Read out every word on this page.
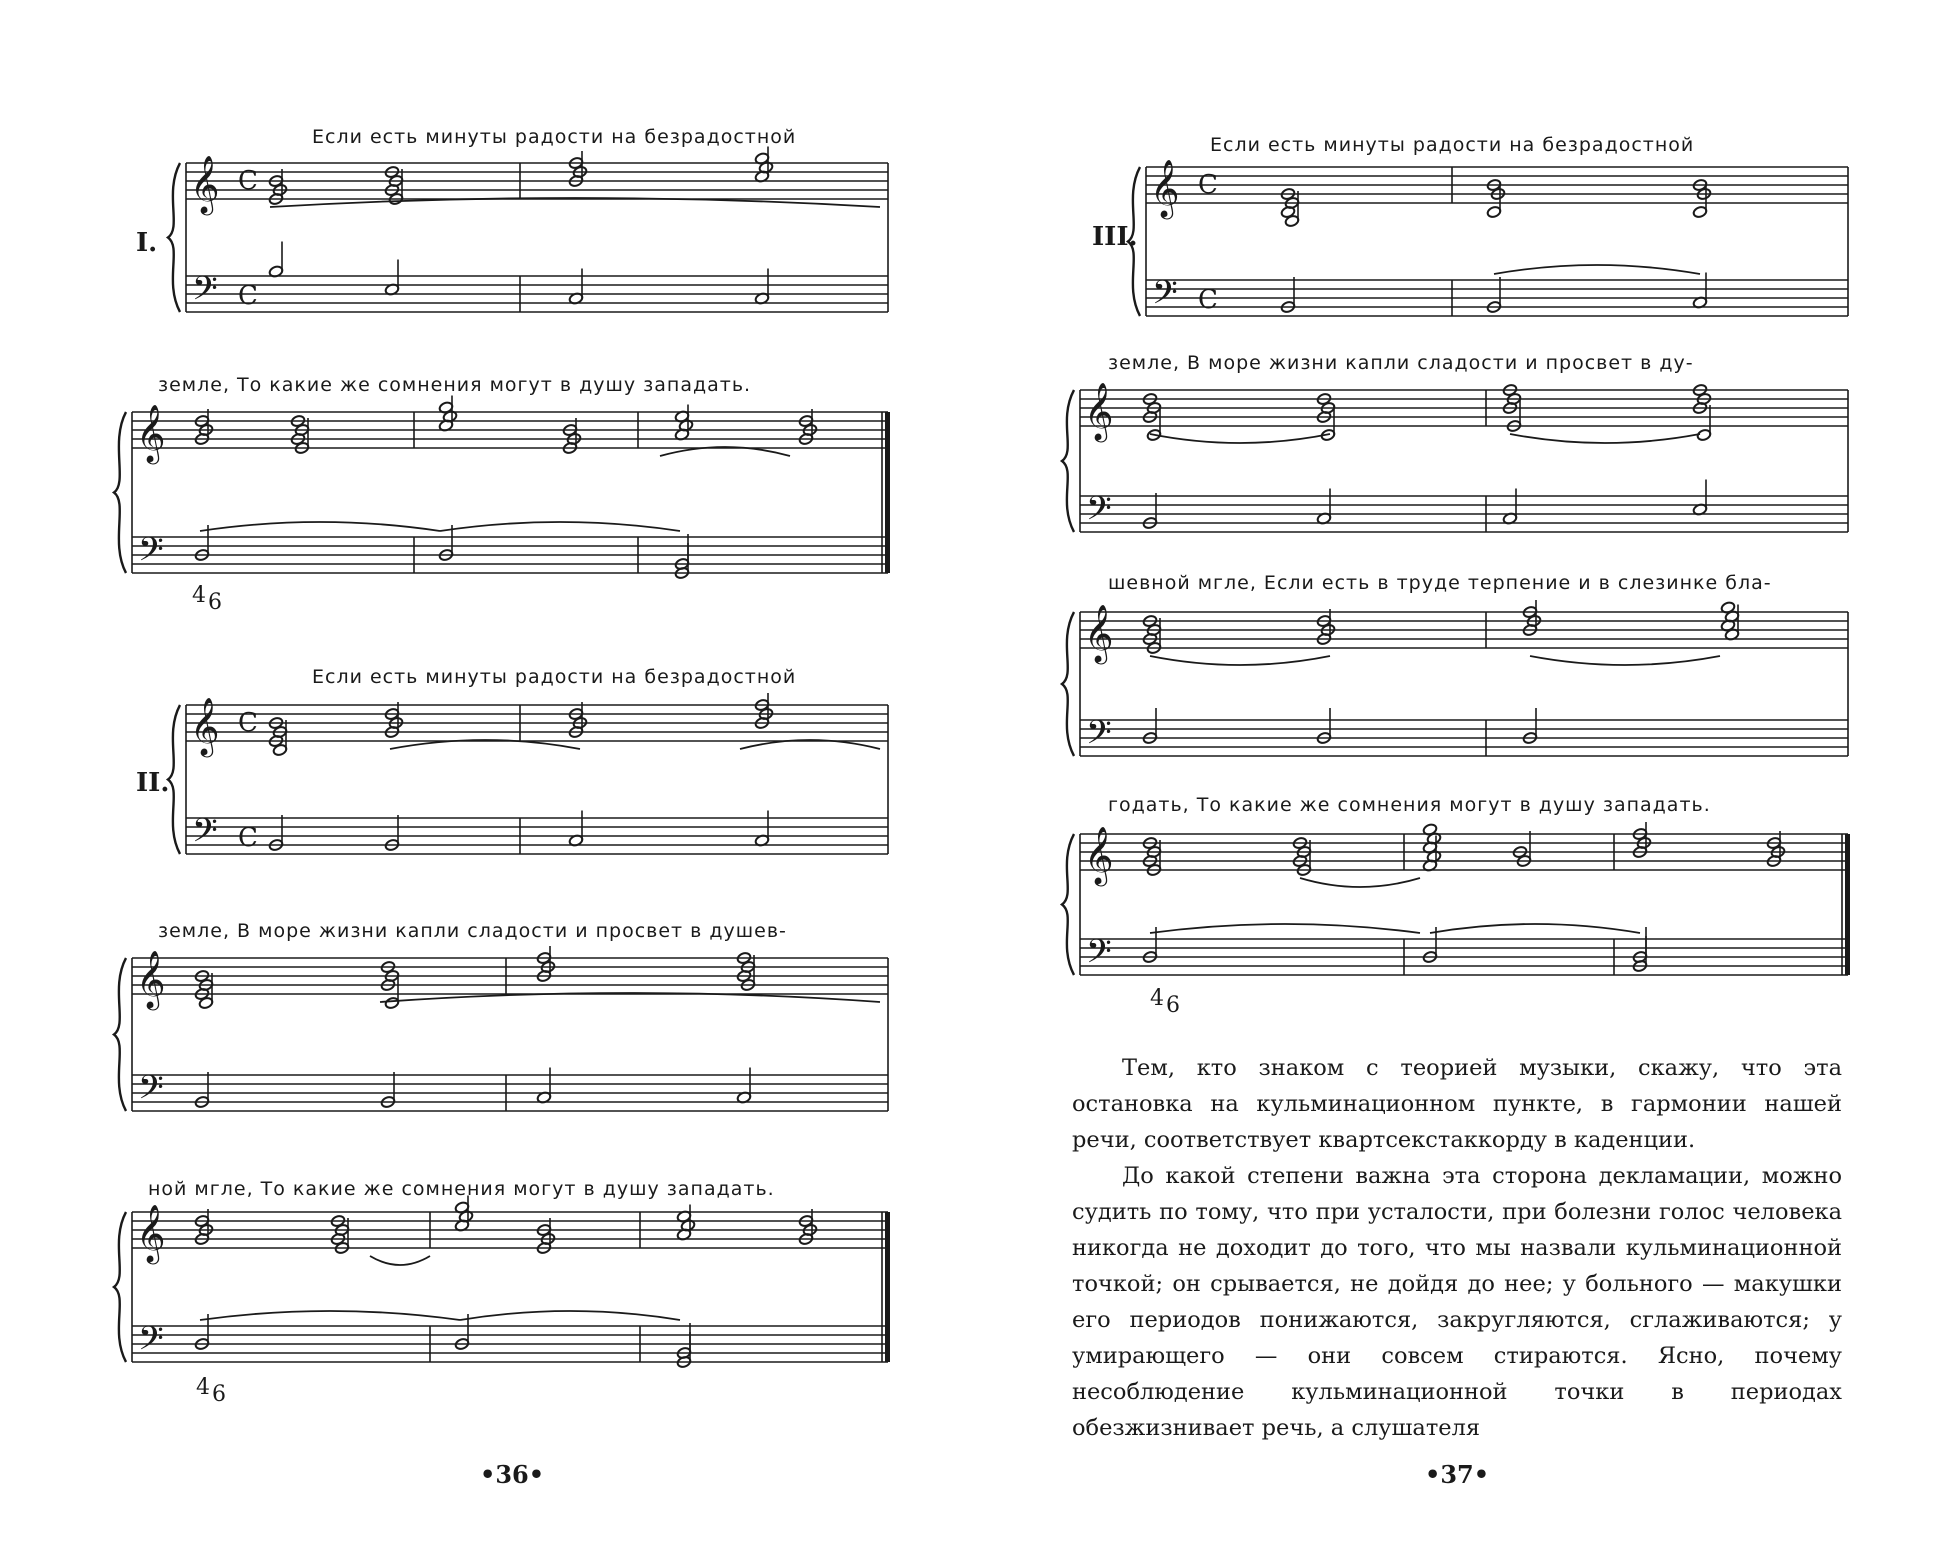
𝄞
𝄢
C
C
𝄞
𝄢
𝄞
𝄢
C
C
𝄞
𝄢
𝄞
𝄢
𝄞
𝄢
C
C
𝄞
𝄢
𝄞
𝄢
𝄞
𝄢
Если есть минуты радости на безрадостной
I.
земле, То какие же сомнения могут в душу западать.
46
Если есть минуты радости на безрадостной
II.
земле, В море жизни капли сладости и просвет в душев-
ной мгле, То какие же сомнения могут в душу западать.
46
•36•
Если есть минуты радости на безрадостной
III.
земле, В море жизни капли сладости и просвет в ду-
шевной мгле, Если есть в труде терпение и в слезинке бла-
годать, То какие же сомнения могут в душу западать.
46

Тем, кто знаком с теорией музыки, скажу, что эта остановка на кульминационном пункте, в гармонии нашей речи, соответствует квартсекстаккорду в каденции.

До какой степени важна эта сторона декламации, можно судить по тому, что при усталости, при болезни голос человека никогда не доходит до того, что мы назвали кульминационной точкой; он срывается, не дойдя до нее; у больного — макушки его периодов понижаются, закругляются, сглаживаются; у умирающего — они совсем стираются. Ясно, почему несоблюдение кульминационной точки в периодах обезжизнивает речь, а слушателя

•37•
